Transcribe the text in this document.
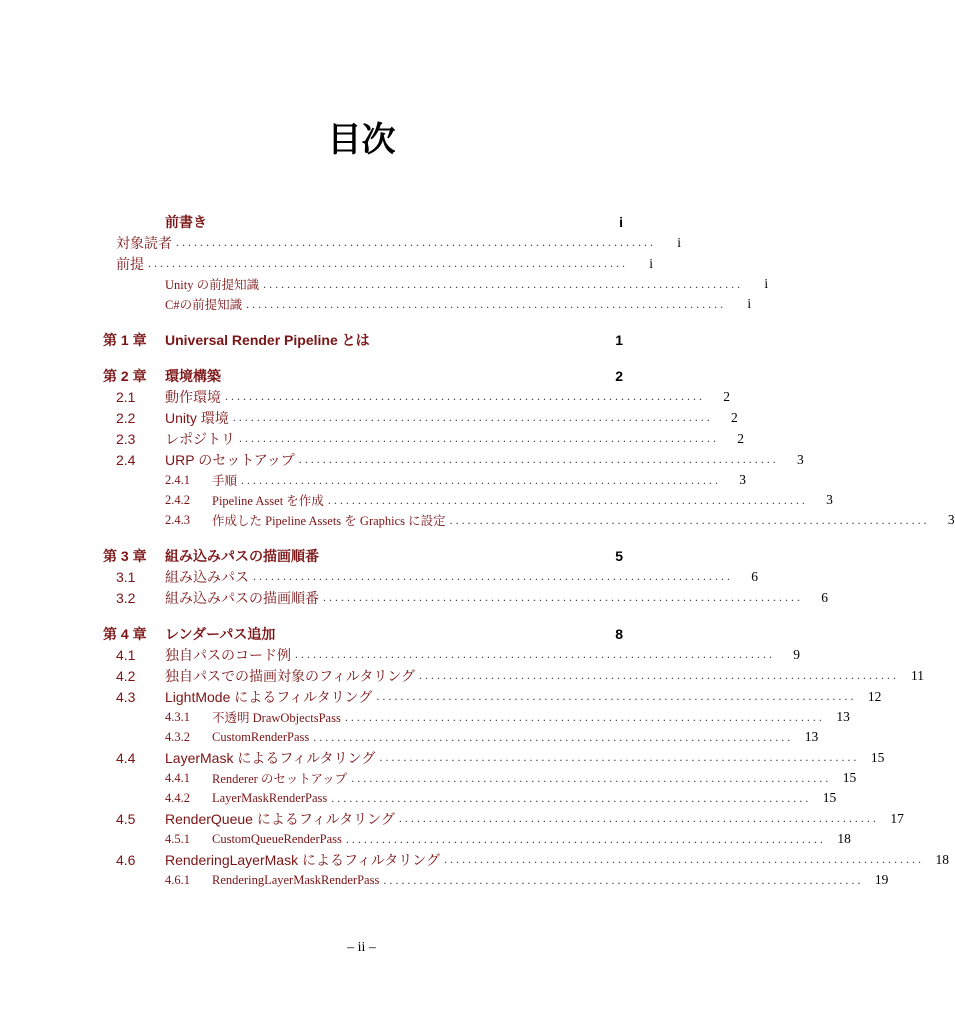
目次
前書き	i
対象読者 . . . . . . . . . . . . . . . . . . . . . . . . . . . . . . . . . . . . . . . . . . . . . . . . . . . . . . . . . . . . . . . . . . . . . . . . . . . . . . . .	i
前提 . . . . . . . . . . . . . . . . . . . . . . . . . . . . . . . . . . . . . . . . . . . . . . . . . . . . . . . . . . . . . . . . . . . . . . . . . . . . . . . .	i
Unity の前提知識 . . . . . . . . . . . . . . . . . . . . . . . . . . . . . . . . . . . . . . . . . . . . . . . . . . . . . . . . . . . . . . . . . . . . . . . . . . . . . . . .	i
C#の前提知識 . . . . . . . . . . . . . . . . . . . . . . . . . . . . . . . . . . . . . . . . . . . . . . . . . . . . . . . . . . . . . . . . . . . . . . . . . . . . . . . .	i
第 1 章	Universal Render Pipeline とは	1
第 2 章	環境構築	2
2.1	動作環境 . . . . . . . . . . . . . . . . . . . . . . . . . . . . . . . . . . . . . . . . . . . . . . . . . . . . . . . . . . . . . . . . . . . . . . . . . . . . . . . .	2
2.2	Unity 環境 . . . . . . . . . . . . . . . . . . . . . . . . . . . . . . . . . . . . . . . . . . . . . . . . . . . . . . . . . . . . . . . . . . . . . . . . . . . . . . . .	2
2.3	レポジトリ . . . . . . . . . . . . . . . . . . . . . . . . . . . . . . . . . . . . . . . . . . . . . . . . . . . . . . . . . . . . . . . . . . . . . . . . . . . . . . . .	2
2.4	URP のセットアップ . . . . . . . . . . . . . . . . . . . . . . . . . . . . . . . . . . . . . . . . . . . . . . . . . . . . . . . . . . . . . . . . . . . . . . . . . . . . . . . .	3
2.4.1	手順 . . . . . . . . . . . . . . . . . . . . . . . . . . . . . . . . . . . . . . . . . . . . . . . . . . . . . . . . . . . . . . . . . . . . . . . . . . . . . . . .	3
2.4.2	Pipeline Asset を作成 . . . . . . . . . . . . . . . . . . . . . . . . . . . . . . . . . . . . . . . . . . . . . . . . . . . . . . . . . . . . . . . . . . . . . . . . . . . . . . . .	3
2.4.3	作成した Pipeline Assets を Graphics に設定 . . . . . . . . . . . . . . . . . . . . . . . . . . . . . . . . . . . . . . . . . . . . . . . . . . . . . . . . . . . . . . . . . . . . . . . . . . . . . . . .	3
第 3 章	組み込みパスの描画順番	5
3.1	組み込みパス . . . . . . . . . . . . . . . . . . . . . . . . . . . . . . . . . . . . . . . . . . . . . . . . . . . . . . . . . . . . . . . . . . . . . . . . . . . . . . . .	6
3.2	組み込みパスの描画順番 . . . . . . . . . . . . . . . . . . . . . . . . . . . . . . . . . . . . . . . . . . . . . . . . . . . . . . . . . . . . . . . . . . . . . . . . . . . . . . . .	6
第 4 章	レンダーパス追加	8
4.1	独自パスのコード例 . . . . . . . . . . . . . . . . . . . . . . . . . . . . . . . . . . . . . . . . . . . . . . . . . . . . . . . . . . . . . . . . . . . . . . . . . . . . . . . .	9
4.2	独自パスでの描画対象のフィルタリング . . . . . . . . . . . . . . . . . . . . . . . . . . . . . . . . . . . . . . . . . . . . . . . . . . . . . . . . . . . . . . . . . . . . . . . . . . . . . . . .	11
4.3	LightMode によるフィルタリング . . . . . . . . . . . . . . . . . . . . . . . . . . . . . . . . . . . . . . . . . . . . . . . . . . . . . . . . . . . . . . . . . . . . . . . . . . . . . . . .	12
4.3.1	不透明 DrawObjectsPass . . . . . . . . . . . . . . . . . . . . . . . . . . . . . . . . . . . . . . . . . . . . . . . . . . . . . . . . . . . . . . . . . . . . . . . . . . . . . . . .	13
4.3.2	CustomRenderPass . . . . . . . . . . . . . . . . . . . . . . . . . . . . . . . . . . . . . . . . . . . . . . . . . . . . . . . . . . . . . . . . . . . . . . . . . . . . . . . .	13
4.4	LayerMask によるフィルタリング . . . . . . . . . . . . . . . . . . . . . . . . . . . . . . . . . . . . . . . . . . . . . . . . . . . . . . . . . . . . . . . . . . . . . . . . . . . . . . . .	15
4.4.1	Renderer のセットアップ . . . . . . . . . . . . . . . . . . . . . . . . . . . . . . . . . . . . . . . . . . . . . . . . . . . . . . . . . . . . . . . . . . . . . . . . . . . . . . . .	15
4.4.2	LayerMaskRenderPass . . . . . . . . . . . . . . . . . . . . . . . . . . . . . . . . . . . . . . . . . . . . . . . . . . . . . . . . . . . . . . . . . . . . . . . . . . . . . . . .	15
4.5	RenderQueue によるフィルタリング . . . . . . . . . . . . . . . . . . . . . . . . . . . . . . . . . . . . . . . . . . . . . . . . . . . . . . . . . . . . . . . . . . . . . . . . . . . . . . . .	17
4.5.1	CustomQueueRenderPass . . . . . . . . . . . . . . . . . . . . . . . . . . . . . . . . . . . . . . . . . . . . . . . . . . . . . . . . . . . . . . . . . . . . . . . . . . . . . . . .	18
4.6	RenderingLayerMask によるフィルタリング . . . . . . . . . . . . . . . . . . . . . . . . . . . . . . . . . . . . . . . . . . . . . . . . . . . . . . . . . . . . . . . . . . . . . . . . . . . . . . . .	18
4.6.1	RenderingLayerMaskRenderPass . . . . . . . . . . . . . . . . . . . . . . . . . . . . . . . . . . . . . . . . . . . . . . . . . . . . . . . . . . . . . . . . . . . . . . . . . . . . . . . .	19
– ii –
